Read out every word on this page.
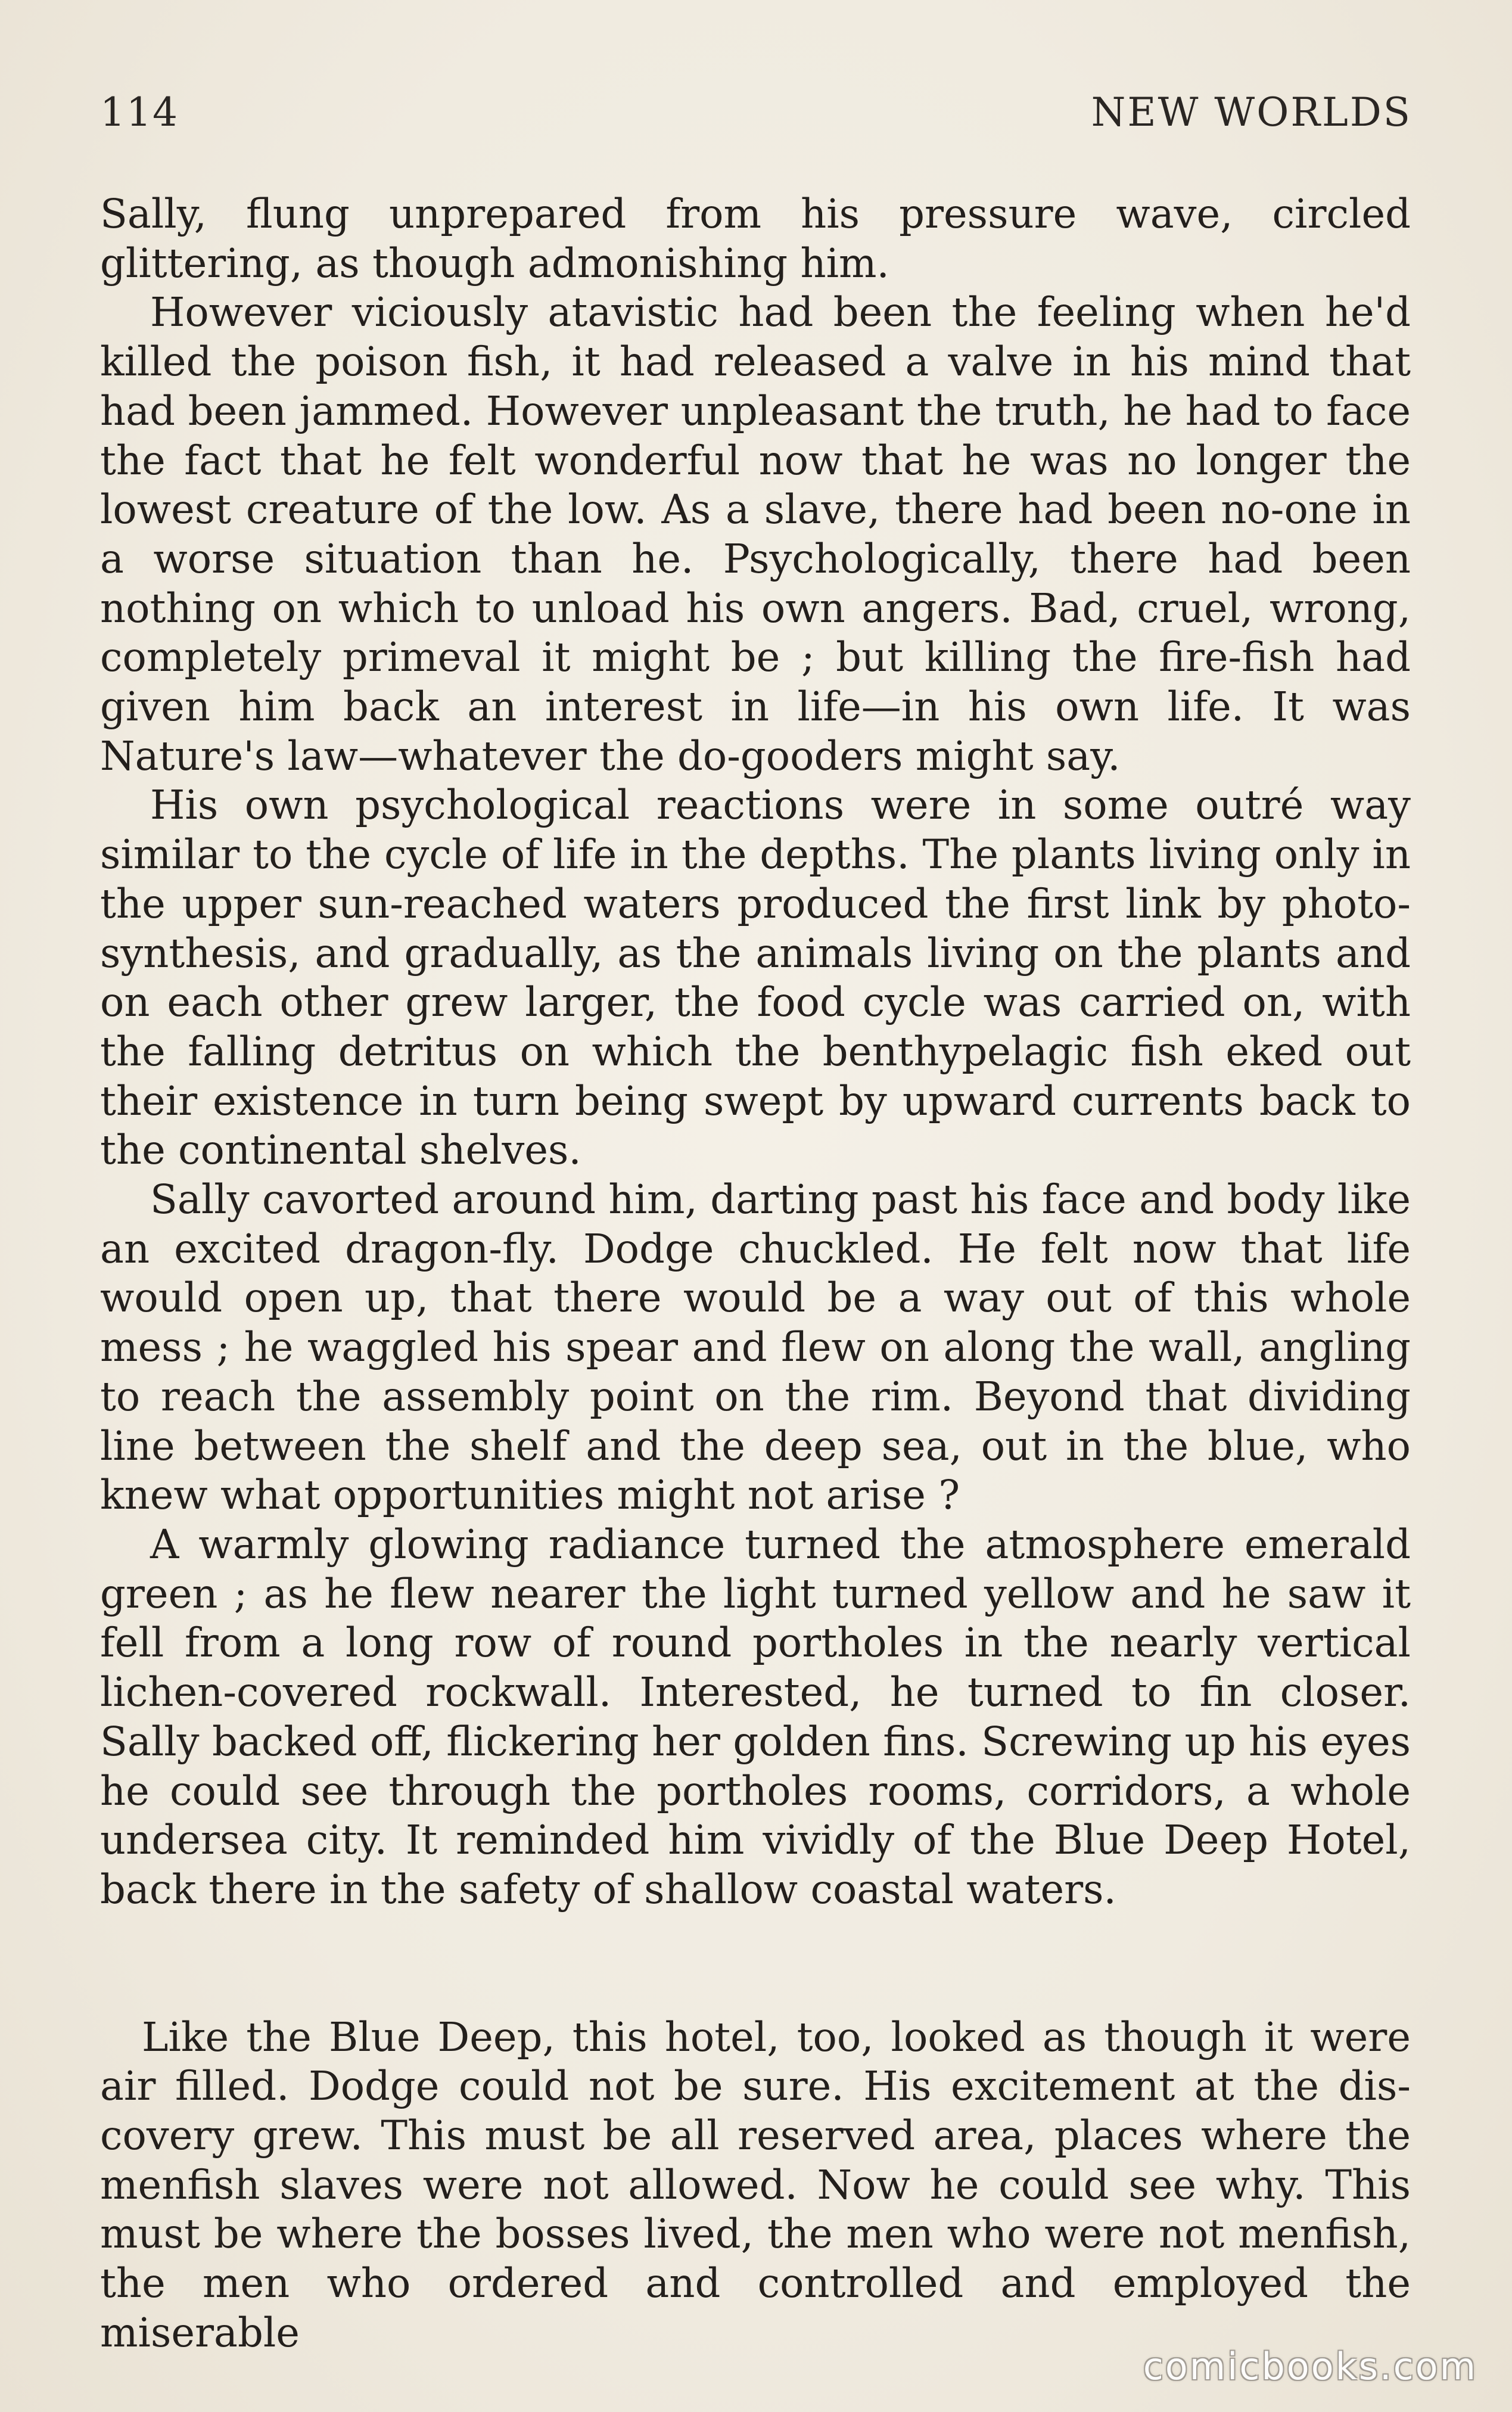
114	NEW WORLDS

Sally, flung unprepared from his pressure wave, circled glittering, as though admonishing him.

However viciously atavistic had been the feeling when he'd killed the poison fish, it had released a valve in his mind that had been jammed. However unpleasant the truth, he had to face the fact that he felt wonderful now that he was no longer the lowest creature of the low. As a slave, there had been no-one in a worse situation than he. Psychologically, there had been nothing on which to unload his own angers. Bad, cruel, wrong, completely primeval it might be ; but killing the fire-fish had given him back an interest in life—in his own life. It was Nature's law—whatever the do-gooders might say.

His own psychological reactions were in some outré way similar to the cycle of life in the depths. The plants living only in the upper sun-reached waters produced the first link by photo-synthesis, and gradually, as the animals living on the plants and on each other grew larger, the food cycle was carried on, with the falling detritus on which the benthypelagic fish eked out their existence in turn being swept by upward currents back to the continental shelves.

Sally cavorted around him, darting past his face and body like an excited dragon-fly. Dodge chuckled. He felt now that life would open up, that there would be a way out of this whole mess ; he waggled his spear and flew on along the wall, angling to reach the assembly point on the rim. Beyond that dividing line between the shelf and the deep sea, out in the blue, who knew what opportunities might not arise ?

A warmly glowing radiance turned the atmosphere emerald green ; as he flew nearer the light turned yellow and he saw it fell from a long row of round portholes in the nearly vertical lichen-covered rockwall. Interested, he turned to fin closer. Sally backed off, flickering her golden fins. Screwing up his eyes he could see through the portholes rooms, corridors, a whole undersea city. It reminded him vividly of the Blue Deep Hotel, back there in the safety of shallow coastal waters.

Like the Blue Deep, this hotel, too, looked as though it were air filled. Dodge could not be sure. His excitement at the dis-covery grew. This must be all reserved area, places where the menfish slaves were not allowed. Now he could see why. This must be where the bosses lived, the men who were not menfish, the men who ordered and controlled and employed the miserable

comicbooks.com
